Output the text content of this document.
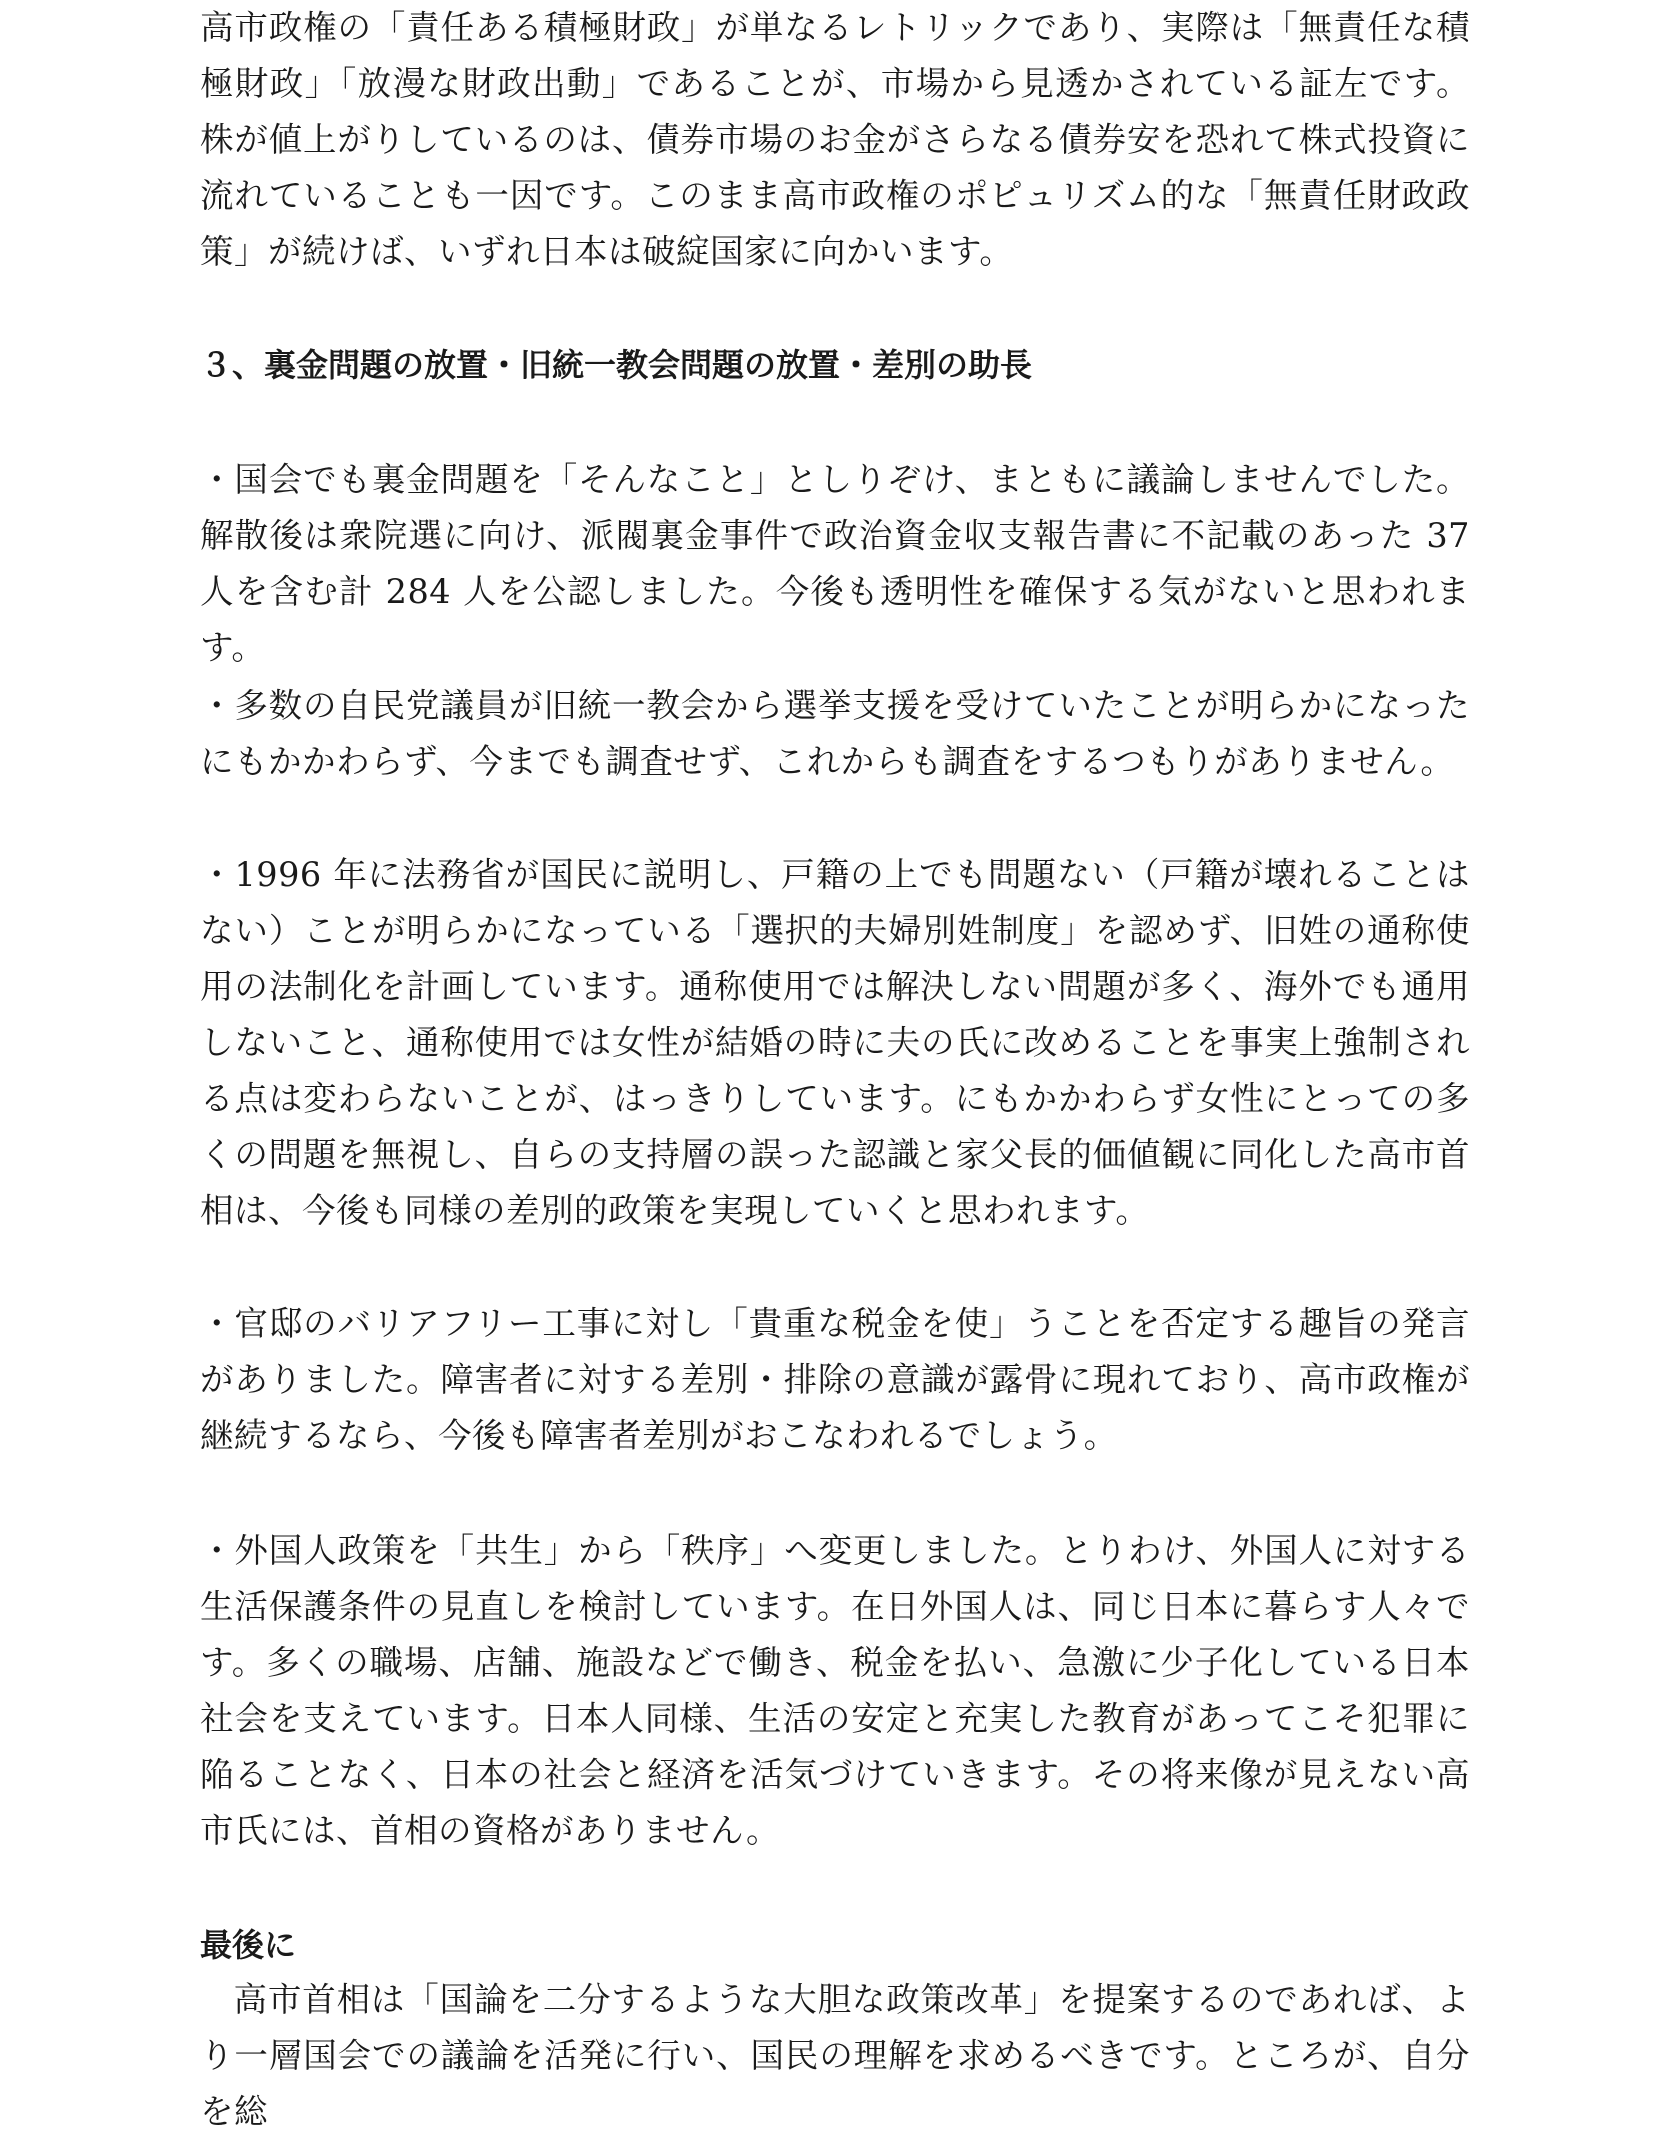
高市政権の「責任ある積極財政」が単なるレトリックであり、実際は「無責任な積極財政」「放漫な財政出動」であることが、市場から見透かされている証左です。株が値上がりしているのは、債券市場のお金がさらなる債券安を恐れて株式投資に流れていることも一因です。このまま高市政権のポピュリズム的な「無責任財政政策」が続けば、いずれ日本は破綻国家に向かいます。

３、裏金問題の放置・旧統一教会問題の放置・差別の助長

・国会でも裏金問題を「そんなこと」としりぞけ、まともに議論しませんでした。解散後は衆院選に向け、派閥裏金事件で政治資金収支報告書に不記載のあった 37 人を含む計 284 人を公認しました。今後も透明性を確保する気がないと思われます。

・多数の自民党議員が旧統一教会から選挙支援を受けていたことが明らかになったにもかかわらず、今までも調査せず、これからも調査をするつもりがありません。

・1996 年に法務省が国民に説明し、戸籍の上でも問題ない（戸籍が壊れることはない）ことが明らかになっている「選択的夫婦別姓制度」を認めず、旧姓の通称使用の法制化を計画しています。通称使用では解決しない問題が多く、海外でも通用しないこと、通称使用では女性が結婚の時に夫の氏に改めることを事実上強制される点は変わらないことが、はっきりしています。にもかかわらず女性にとっての多くの問題を無視し、自らの支持層の誤った認識と家父長的価値観に同化した高市首相は、今後も同様の差別的政策を実現していくと思われます。

・官邸のバリアフリー工事に対し「貴重な税金を使」うことを否定する趣旨の発言がありました。障害者に対する差別・排除の意識が露骨に現れており、高市政権が継続するなら、今後も障害者差別がおこなわれるでしょう。

・外国人政策を「共生」から「秩序」へ変更しました。とりわけ、外国人に対する生活保護条件の見直しを検討しています。在日外国人は、同じ日本に暮らす人々です。多くの職場、店舗、施設などで働き、税金を払い、急激に少子化している日本社会を支えています。日本人同様、生活の安定と充実した教育があってこそ犯罪に陥ることなく、日本の社会と経済を活気づけていきます。その将来像が見えない高市氏には、首相の資格がありません。

最後に

高市首相は「国論を二分するような大胆な政策改革」を提案するのであれば、より一層国会での議論を活発に行い、国民の理解を求めるべきです。ところが、自分を総
